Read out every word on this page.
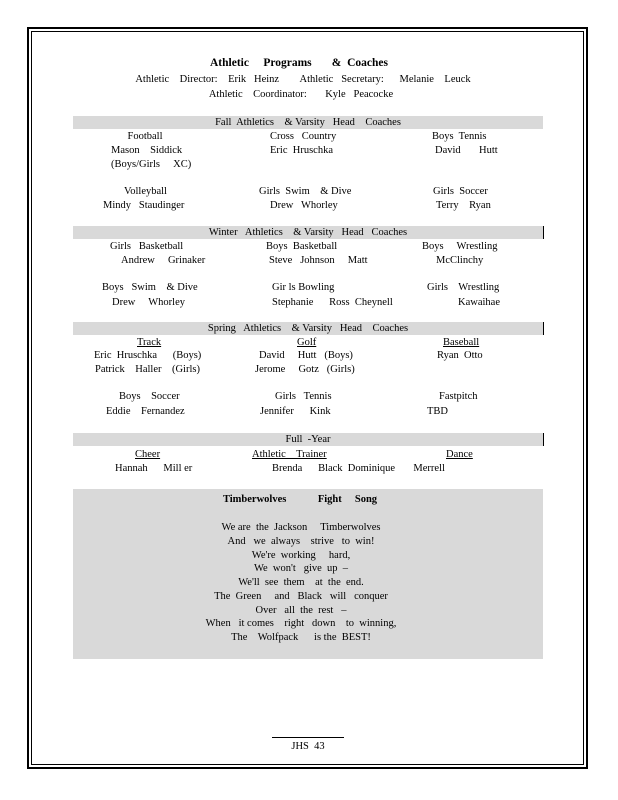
Athletic     Programs       &  Coaches
Athletic    Director:    Erik   Heinz        Athletic   Secretary:      Melanie    Leuck
Athletic    Coordinator:       Kyle   Peacocke
Fall  Athletics    & Varsity   Head    Coaches
Football
Mason    Siddick
(Boys/Girls     XC)
Cross   Country
Eric  Hruschka
Boys  Tennis
David       Hutt
Volleyball
Mindy   Staudinger
Girls  Swim    & Dive
Drew   Whorley
Girls  Soccer
Terry    Ryan
Winter   Athletics    & Varsity   Head   Coaches
Girls   Basketball
Andrew     Grinaker
Boys  Basketball
Steve   Johnson     Matt
Boys     Wrestling
McClinchy
Boys   Swim    & Dive
Drew     Whorley
Gir ls Bowling
Stephanie      Ross  Cheynell
Girls    Wrestling
Kawaihae
Spring   Athletics    & Varsity   Head    Coaches
Track
Eric  Hruschka      (Boys)
Patrick    Haller    (Girls)
Golf
David     Hutt   (Boys)
Jerome     Gotz   (Girls)
Baseball
Ryan  Otto
Boys    Soccer
Eddie    Fernandez
Girls   Tennis
Jennifer      Kink
Fastpitch
TBD
Full  -Year
Cheer
Hannah      Mill er
Athletic    Trainer
Brenda      Black  Dominique       Merrell
Dance
Timberwolves            Fight     Song
We are  the  Jackson     Timberwolves
And   we  always    strive   to  win!
We're  working     hard,
We  won't   give  up  –
We'll  see  them    at  the  end.
The  Green     and   Black   will   conquer
Over   all  the  rest   –
When   it comes    right   down    to  winning,
The    Wolfpack      is the  BEST!
JHS  43
